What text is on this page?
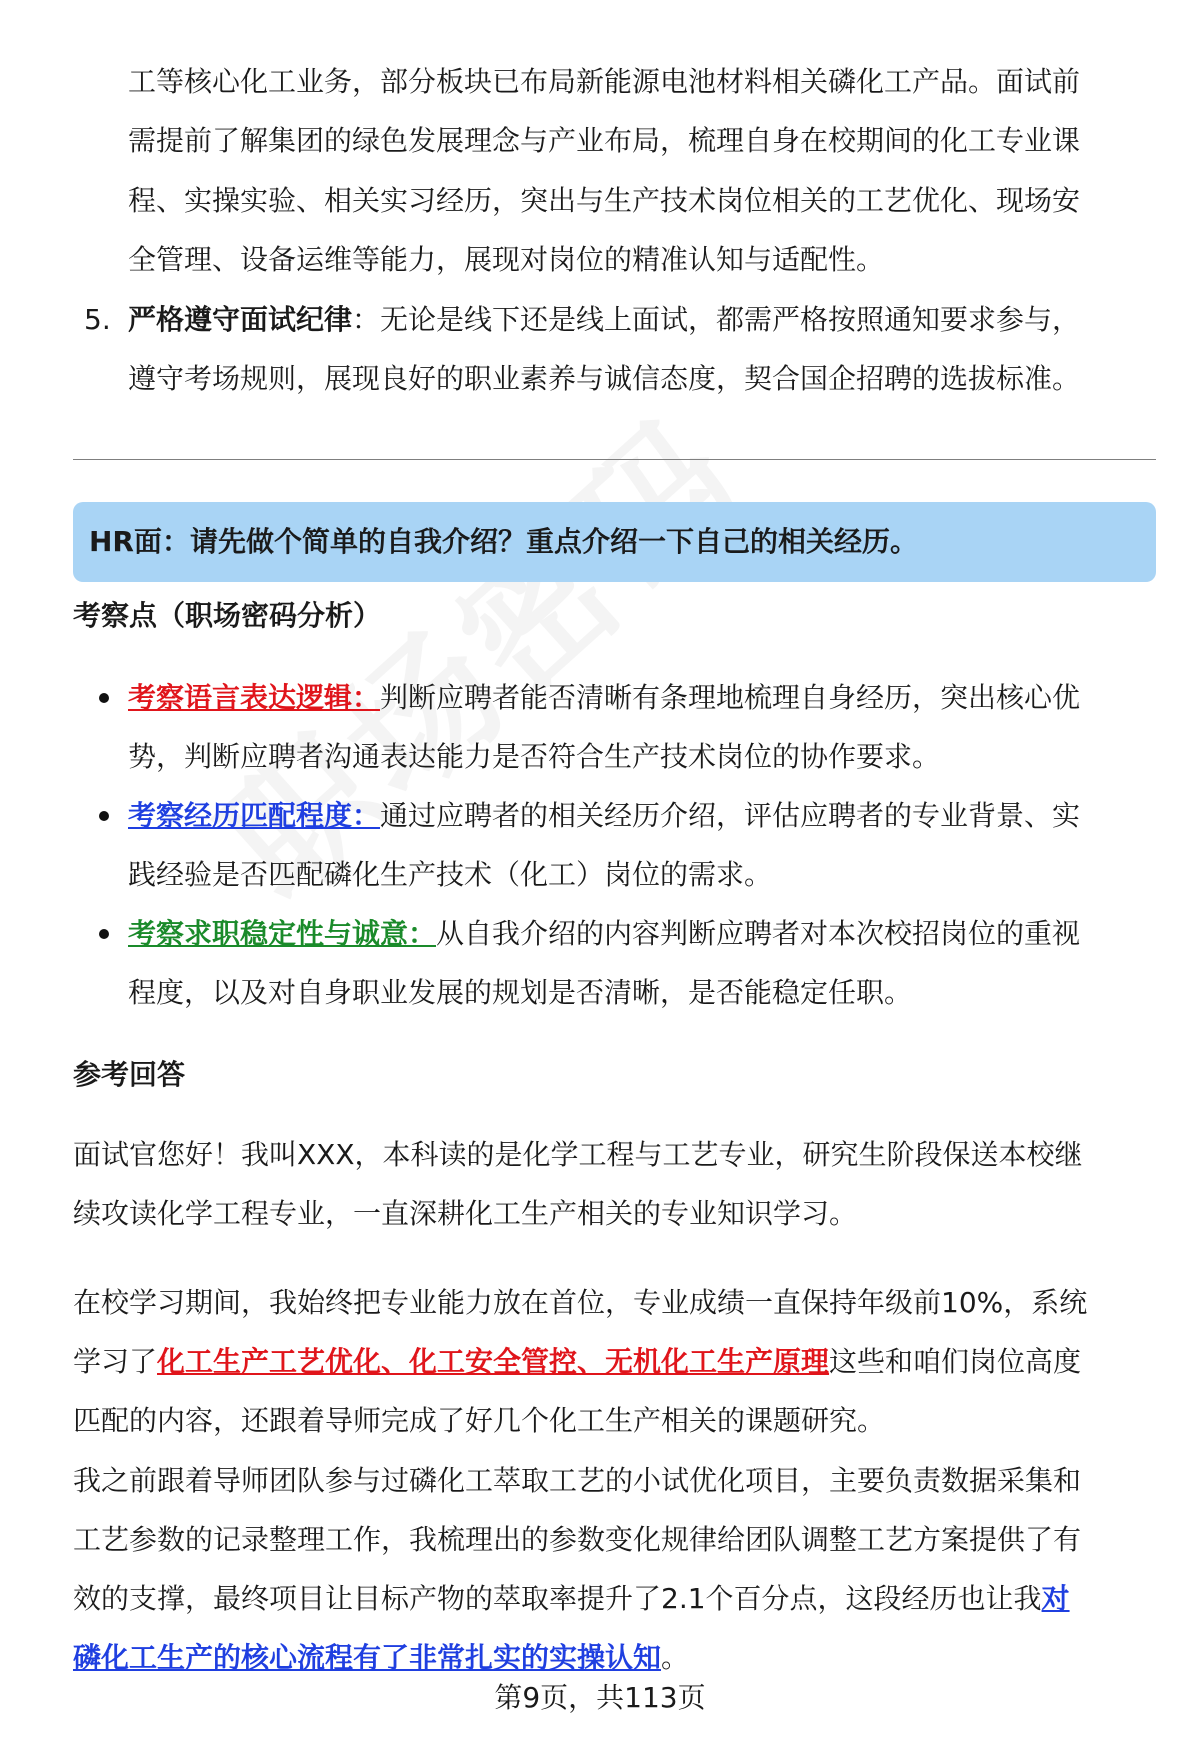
工等核心化工业务，部分板块已布局新能源电池材料相关磷化工产品。面试前
需提前了解集团的绿色发展理念与产业布局，梳理自身在校期间的化工专业课
程、实操实验、相关实习经历，突出与生产技术岗位相关的工艺优化、现场安
全管理、设备运维等能力，展现对岗位的精准认知与适配性。
5. 严格遵守面试纪律：无论是线下还是线上面试，都需严格按照通知要求参与，
遵守考场规则，展现良好的职业素养与诚信态度，契合国企招聘的选拔标准。
HR面：请先做个简单的自我介绍？重点介绍一下自己的相关经历。
考察点（职场密码分析）
考察语言表达逻辑：判断应聘者能否清晰有条理地梳理自身经历，突出核心优
势，判断应聘者沟通表达能力是否符合生产技术岗位的协作要求。
考察经历匹配程度：通过应聘者的相关经历介绍，评估应聘者的专业背景、实
践经验是否匹配磷化生产技术（化工）岗位的需求。
考察求职稳定性与诚意：从自我介绍的内容判断应聘者对本次校招岗位的重视
程度，以及对自身职业发展的规划是否清晰，是否能稳定任职。
参考回答
面试官您好！我叫XXX，本科读的是化学工程与工艺专业，研究生阶段保送本校继
续攻读化学工程专业，一直深耕化工生产相关的专业知识学习。
在校学习期间，我始终把专业能力放在首位，专业成绩一直保持年级前10%，系统
学习了化工生产工艺优化、化工安全管控、无机化工生产原理这些和咱们岗位高度
匹配的内容，还跟着导师完成了好几个化工生产相关的课题研究。
我之前跟着导师团队参与过磷化工萃取工艺的小试优化项目，主要负责数据采集和
工艺参数的记录整理工作，我梳理出的参数变化规律给团队调整工艺方案提供了有
效的支撑，最终项目让目标产物的萃取率提升了2.1个百分点，这段经历也让我对
磷化工生产的核心流程有了非常扎实的实操认知。
第9页，共113页
